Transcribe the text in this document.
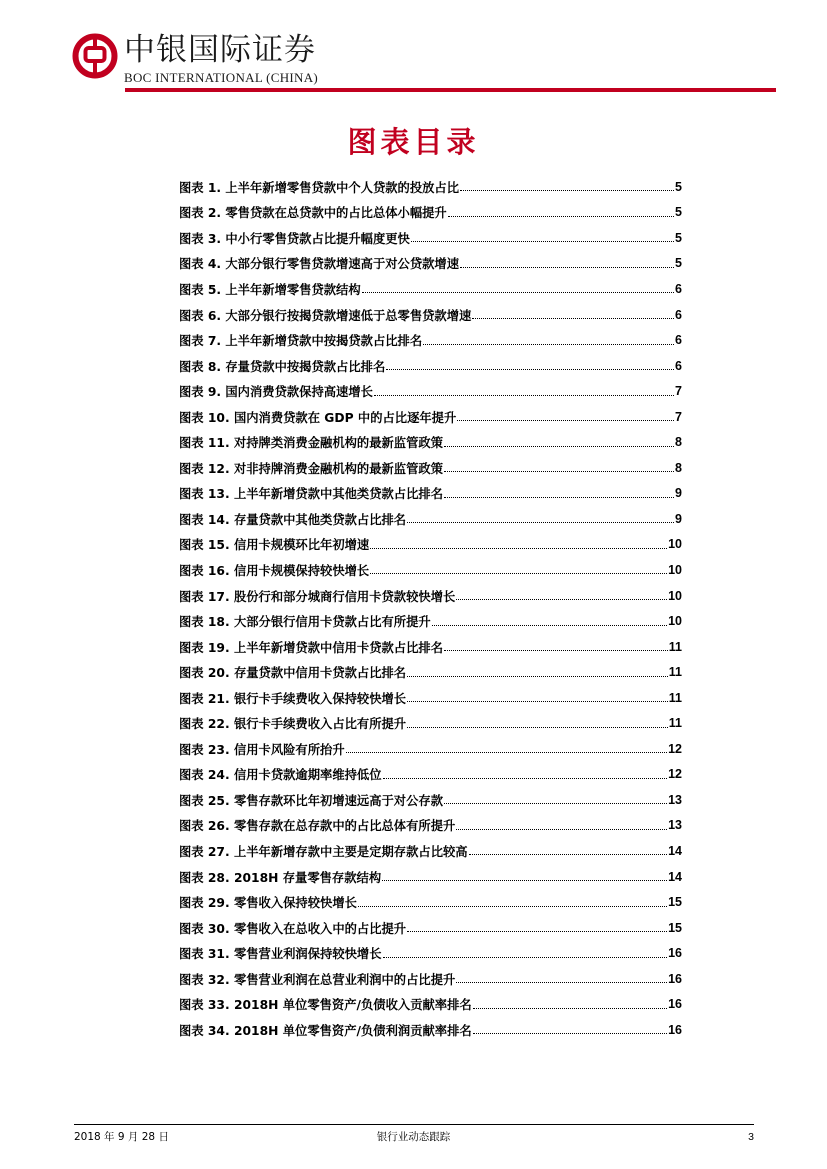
中银国际证券
BOC INTERNATIONAL (CHINA)
图表目录
图表 1. 上半年新增零售贷款中个人贷款的投放占比	5
图表 2. 零售贷款在总贷款中的占比总体小幅提升	5
图表 3. 中小行零售贷款占比提升幅度更快	5
图表 4. 大部分银行零售贷款增速高于对公贷款增速	5
图表 5. 上半年新增零售贷款结构	6
图表 6. 大部分银行按揭贷款增速低于总零售贷款增速	6
图表 7. 上半年新增贷款中按揭贷款占比排名	6
图表 8. 存量贷款中按揭贷款占比排名	6
图表 9. 国内消费贷款保持高速增长	7
图表 10. 国内消费贷款在 GDP 中的占比逐年提升	7
图表 11. 对持牌类消费金融机构的最新监管政策	8
图表 12. 对非持牌消费金融机构的最新监管政策	8
图表 13. 上半年新增贷款中其他类贷款占比排名	9
图表 14. 存量贷款中其他类贷款占比排名	9
图表 15. 信用卡规模环比年初增速	10
图表 16. 信用卡规模保持较快增长	10
图表 17. 股份行和部分城商行信用卡贷款较快增长	10
图表 18. 大部分银行信用卡贷款占比有所提升	10
图表 19. 上半年新增贷款中信用卡贷款占比排名	11
图表 20. 存量贷款中信用卡贷款占比排名	11
图表 21. 银行卡手续费收入保持较快增长	11
图表 22. 银行卡手续费收入占比有所提升	11
图表 23. 信用卡风险有所抬升	12
图表 24. 信用卡贷款逾期率维持低位	12
图表 25. 零售存款环比年初增速远高于对公存款	13
图表 26. 零售存款在总存款中的占比总体有所提升	13
图表 27. 上半年新增存款中主要是定期存款占比较高	14
图表 28. 2018H 存量零售存款结构	14
图表 29. 零售收入保持较快增长	15
图表 30. 零售收入在总收入中的占比提升	15
图表 31. 零售营业利润保持较快增长	16
图表 32. 零售营业利润在总营业利润中的占比提升	16
图表 33. 2018H 单位零售资产/负债收入贡献率排名	16
图表 34. 2018H 单位零售资产/负债利润贡献率排名	16
2018 年 9 月 28 日	银行业动态跟踪	3
